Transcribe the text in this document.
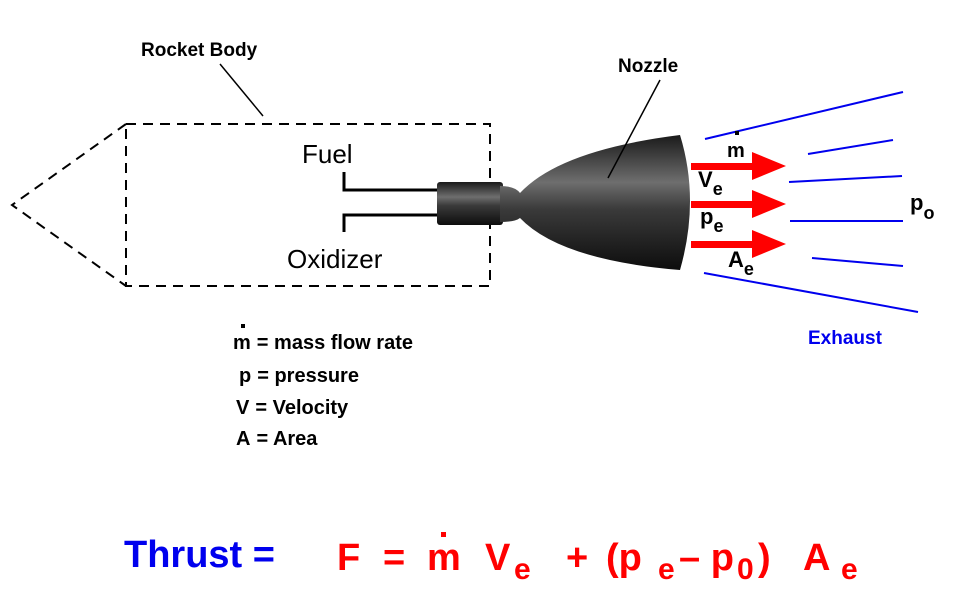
Rocket Body
Fuel
Oxidizer
Nozzle
Exhaust
m
$V_e$
$p_e$
$A_e$
$p_o$
m = mass flow rate
p = pressure
V = Velocity
A = Area
Thrust = F = m V e + (p e – p 0 ) A e
